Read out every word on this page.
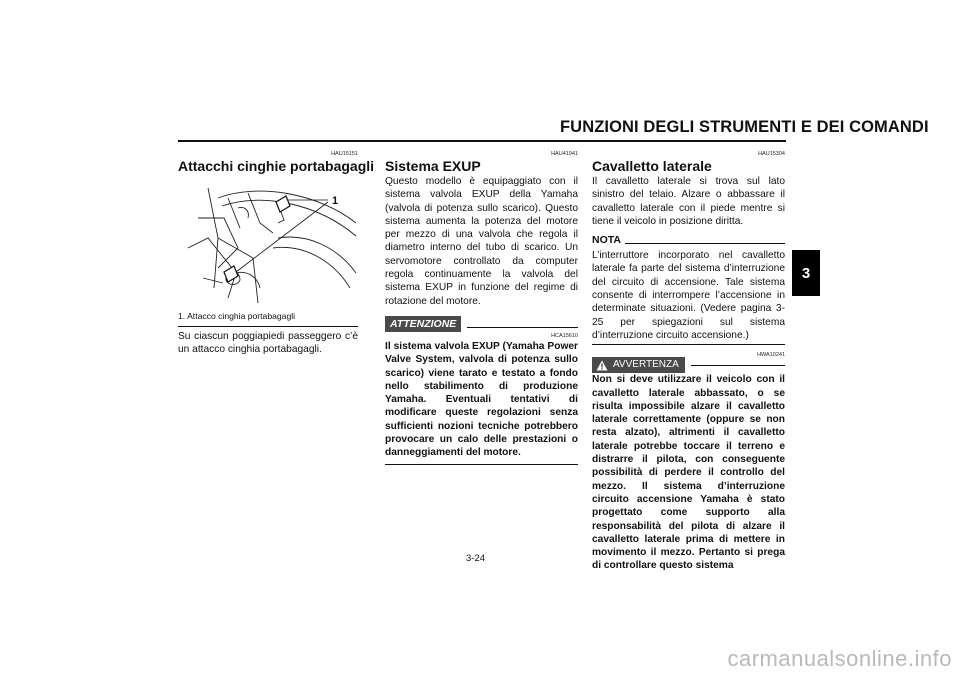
FUNZIONI DEGLI STRUMENTI E DEI COMANDI
3
HAU15151
Attacchi cinghie portabagagli
1
1. Attacco cinghia portabagagli
Su ciascun poggiapiedi passeggero c’è un attacco cinghia portabagagli.
HAU41941
Sistema EXUP
Questo modello è equipaggiato con il sistema valvola EXUP della Yamaha (valvola di potenza sullo scarico). Questo sistema aumenta la potenza del motore per mezzo di una valvola che regola il diametro interno del tubo di scarico. Un servomotore controllato da computer regola continuamente la valvola del sistema EXUP in funzione del regime di rotazione del motore.
ATTENZIONE
HCA15610
Il sistema valvola EXUP (Yamaha Power Valve System, valvola di potenza sullo scarico) viene tarato e testato a fondo nello stabilimento di produzione Yamaha. Eventuali tentativi di modificare queste regolazioni senza sufficienti nozioni tecniche potrebbero provocare un calo delle prestazioni o danneggiamenti del motore.
HAU15304
Cavalletto laterale
Il cavalletto laterale si trova sul lato sinistro del telaio. Alzare o abbassare il cavalletto laterale con il piede mentre si tiene il veicolo in posizione diritta.
NOTA
L’interruttore incorporato nel cavalletto laterale fa parte del sistema d’interruzione del circuito di accensione. Tale sistema consente di interrompere l’accensione in determinate situazioni. (Vedere pagina 3-25 per spiegazioni sul sistema d’interruzione circuito accensione.)
AVVERTENZA
HWA10241
Non si deve utilizzare il veicolo con il cavalletto laterale abbassato, o se risulta impossibile alzare il cavalletto laterale correttamente (oppure se non resta alzato), altrimenti il cavalletto laterale potrebbe toccare il terreno e distrarre il pilota, con conseguente possibilità di perdere il controllo del mezzo. Il sistema d’interruzione circuito accensione Yamaha è stato progettato come supporto alla responsabilità del pilota di alzare il cavalletto laterale prima di mettere in movimento il mezzo. Pertanto si prega di controllare questo sistema
3-24
carmanualsonline.info
